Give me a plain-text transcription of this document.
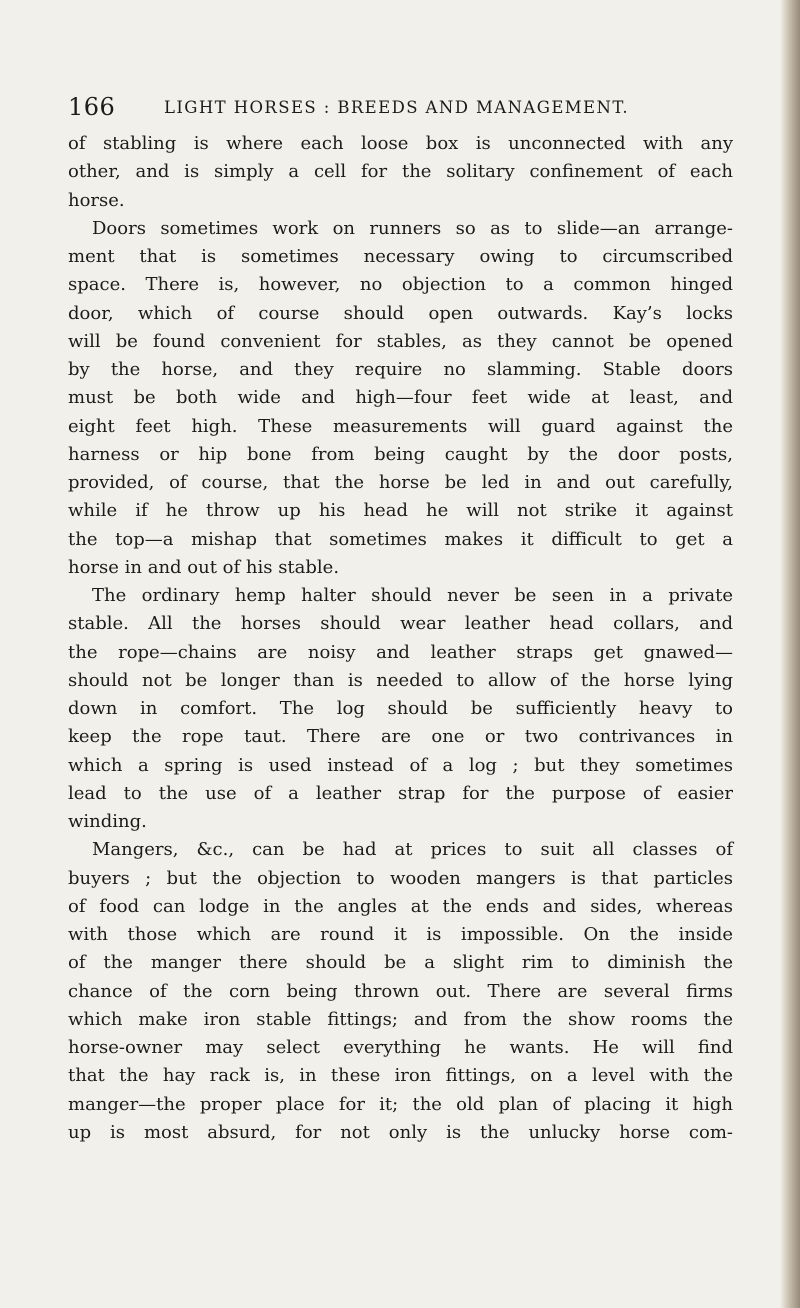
166	LIGHT HORSES : BREEDS AND MANAGEMENT.
of stabling is where each loose box is unconnected with any
other, and is simply a cell for the solitary confinement of each
horse.
Doors sometimes work on runners so as to slide—an arrange-
ment that is sometimes necessary owing to circumscribed
space. There is, however, no objection to a common hinged
door, which of course should open outwards. Kay’s locks
will be found convenient for stables, as they cannot be opened
by the horse, and they require no slamming. Stable doors
must be both wide and high—four feet wide at least, and
eight feet high. These measurements will guard against the
harness or hip bone from being caught by the door posts,
provided, of course, that the horse be led in and out carefully,
while if he throw up his head he will not strike it against
the top—a mishap that sometimes makes it difficult to get a
horse in and out of his stable.
The ordinary hemp halter should never be seen in a private
stable. All the horses should wear leather head collars, and
the rope—chains are noisy and leather straps get gnawed—
should not be longer than is needed to allow of the horse lying
down in comfort. The log should be sufficiently heavy to
keep the rope taut. There are one or two contrivances in
which a spring is used instead of a log ; but they sometimes
lead to the use of a leather strap for the purpose of easier
winding.
Mangers, &c., can be had at prices to suit all classes of
buyers ; but the objection to wooden mangers is that particles
of food can lodge in the angles at the ends and sides, whereas
with those which are round it is impossible. On the inside
of the manger there should be a slight rim to diminish the
chance of the corn being thrown out. There are several firms
which make iron stable fittings; and from the show rooms the
horse-owner may select everything he wants. He will find
that the hay rack is, in these iron fittings, on a level with the
manger—the proper place for it; the old plan of placing it high
up is most absurd, for not only is the unlucky horse com-
